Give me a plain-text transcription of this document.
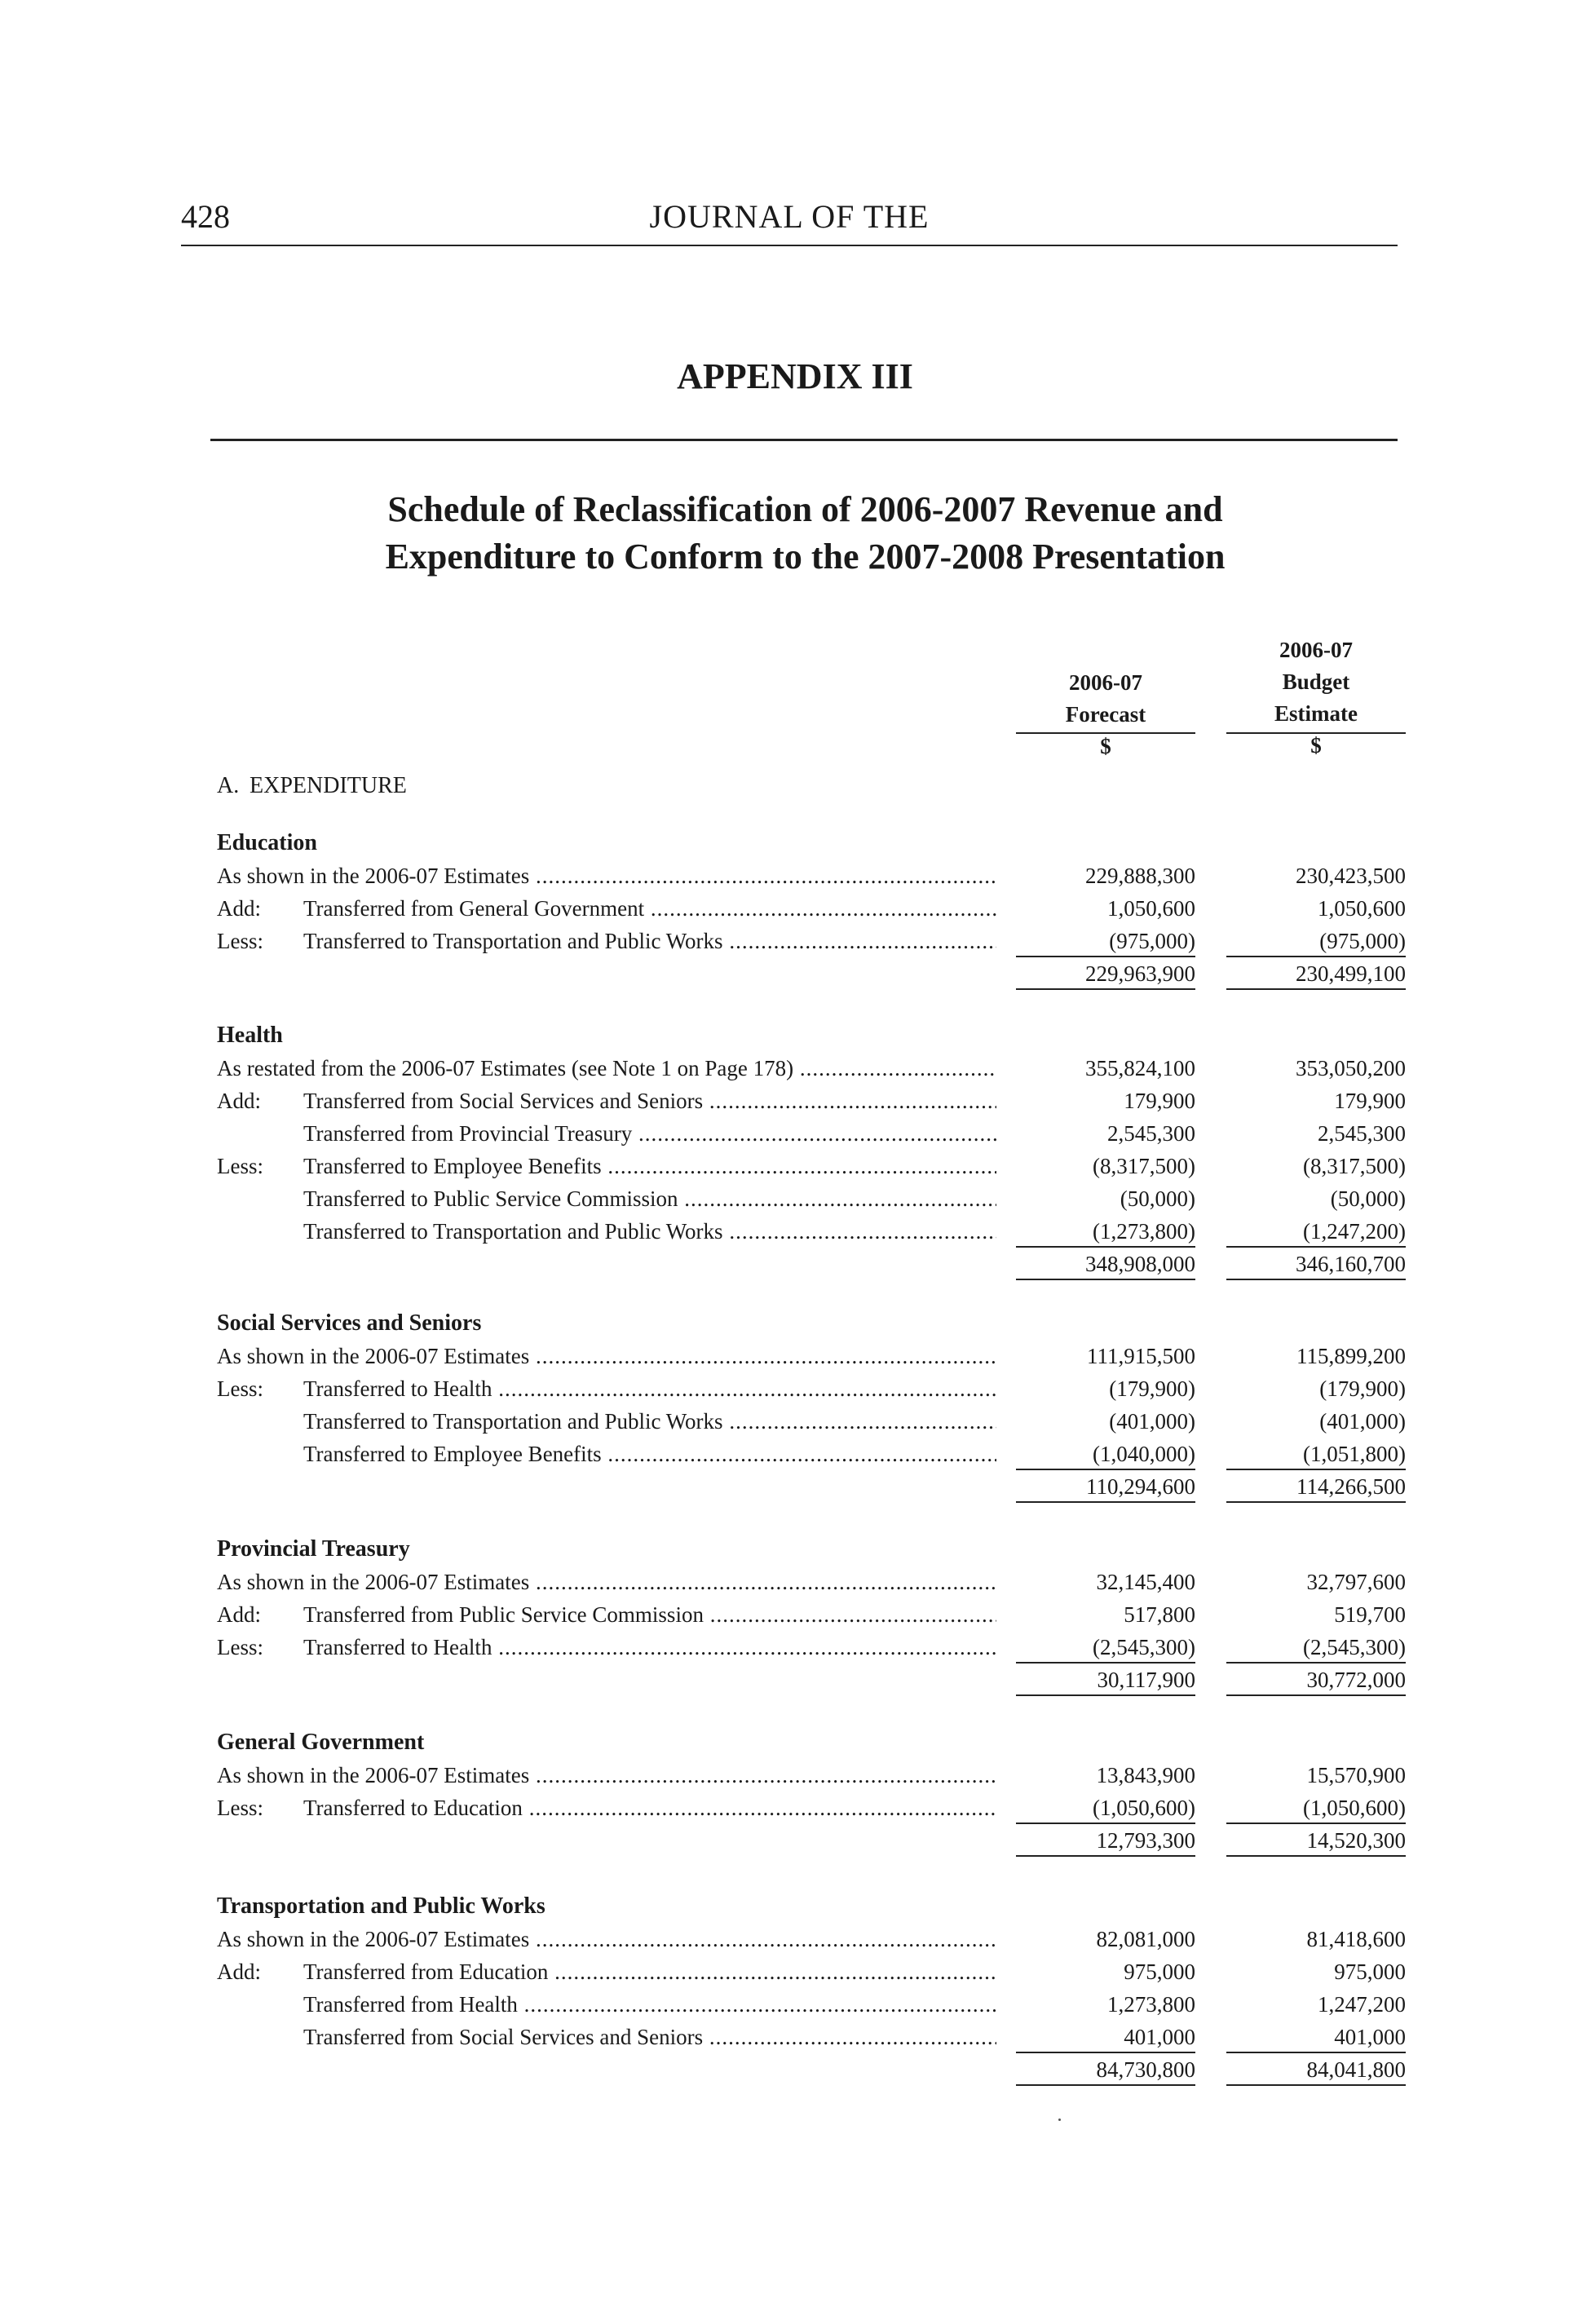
428	JOURNAL OF THE
APPENDIX III
Schedule of Reclassification of 2006-2007 Revenue and
Expenditure to Conform to the 2007-2008 Presentation
2006-07
Forecast
$
2006-07
Budget
Estimate
$
A. EXPENDITURE
Education
As shown in the 2006-07 Estimates .....	229,888,300	230,423,500
Add:	Transferred from General Government .....	1,050,600	1,050,600
Less:	Transferred to Transportation and Public Works .....	(975,000)	(975,000)
229,963,900	230,499,100
Health
As restated from the 2006-07 Estimates (see Note 1 on Page 178) .....	355,824,100	353,050,200
Add:	Transferred from Social Services and Seniors .....	179,900	179,900
Transferred from Provincial Treasury .....	2,545,300	2,545,300
Less:	Transferred to Employee Benefits .....	(8,317,500)	(8,317,500)
Transferred to Public Service Commission .....	(50,000)	(50,000)
Transferred to Transportation and Public Works .....	(1,273,800)	(1,247,200)
348,908,000	346,160,700
Social Services and Seniors
As shown in the 2006-07 Estimates .....	111,915,500	115,899,200
Less:	Transferred to Health .....	(179,900)	(179,900)
Transferred to Transportation and Public Works .....	(401,000)	(401,000)
Transferred to Employee Benefits .....	(1,040,000)	(1,051,800)
110,294,600	114,266,500
Provincial Treasury
As shown in the 2006-07 Estimates .....	32,145,400	32,797,600
Add:	Transferred from Public Service Commission .....	517,800	519,700
Less:	Transferred to Health .....	(2,545,300)	(2,545,300)
30,117,900	30,772,000
General Government
As shown in the 2006-07 Estimates .....	13,843,900	15,570,900
Less:	Transferred to Education .....	(1,050,600)	(1,050,600)
12,793,300	14,520,300
Transportation and Public Works
As shown in the 2006-07 Estimates .....	82,081,000	81,418,600
Add:	Transferred from Education .....	975,000	975,000
Transferred from Health .....	1,273,800	1,247,200
Transferred from Social Services and Seniors .....	401,000	401,000
84,730,800	84,041,800
